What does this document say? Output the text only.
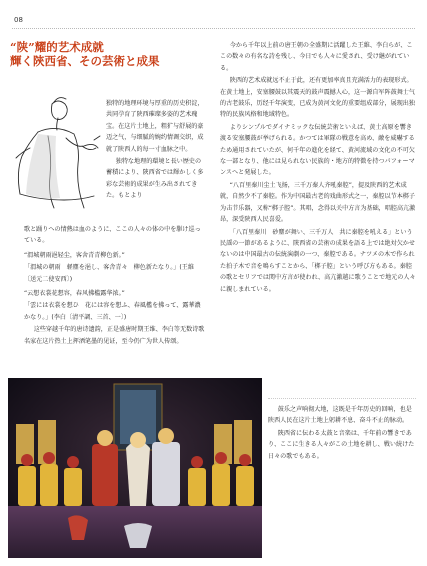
08
“陕”耀的艺术成就
輝く陝西省、その芸術と成果

独特的地理环境与厚重的历史积淀，共同孕育了陕西璀璨多姿的艺术瑰宝。在这片土地上，粗犷与舒展的豪迈之气，与细腻的婉约情调交织，成就了陕西人的每一寸血脉之中。

独特な地理的環境と長い歴史の蓄積により、陝西省では輝かしく多彩な芸術的成果が生み出されてきた。もとより

歌と踊りへの情熱は血のように、ここの人々の体の中を駆け巡っている。

“渭城朝雨浥轻尘，客舍青青柳色新。”

「渭城の朝雨　軽塵を浥し、客舎青々　柳色新たなり。」(王維〔送元二使安西〕)

“云想衣裳花想容，春风拂槛露华浓。”

「雲には衣裳を想ひ　花には容を想ふ、春風檻を拂って、露華濃かなり。」(李白〔清平調、三首、一〕)

这些穿越千年的唐诗遗韵，正是盛唐时期王维、李白等无数诗歌名家在这片热土上挥洒笔墨的见证，至今仍广为世人传颂。

今から千年以上前の唐王朝の全盛期に活躍した王維、李白らが、ここの数々の有名な詩を残し、今日でも人々に愛され、受け継がれている。

陕西的艺术成就远不止于此，还有更加率真且充满活力的表现形式。在黄土地上，安塞腰鼓以其震天的鼓声震撼人心，这一源自军阵鼓舞士气的古老鼓乐，历经千年演变，已成为黄河文化的重要组成部分，展现出独特的民族风格和地域特色。

よりシンプルでダイナミックな伝統芸術といえば、黄土高原を響き渡る安塞腰鼓が挙げられる。かつては軍隊の戦意を高め、敵を威嚇するため通用されていたが、何千年の進化を経て、黄河流域の文化の不可欠な一部となり、他には見られない民族的・地方的特徴を持つパフォーマンスへと発展した。

“八百里秦川尘土飞扬，三千万秦人齐吼秦腔”，提及陕西的艺术成就，自然少不了秦腔。作为中国最古老的戏曲形式之一，秦腔以节本梆子为击节乐器，又称“梆子腔”。其唱，念得以关中方言为基础，唱腔高亢激昂，深受陕西人民喜爱。

「八百里秦川　砂塵が舞い、三千万人　共に秦腔を吼える」という民謡の一節があるように、陝西省の芸術の成果を語る上では絶対欠かせないのは中国最古の伝統演劇の一つ、秦腔である。ナツメの木で作られた拍子木で音を鳴らすことから、「梆子腔」という呼び方もある。秦腔の歌とセリフでは関中方言が使われ、高亢激越に歌うことで地元の人々に親しまれている。

鼓乐之声响彻大地，这既是千年历史的回响，也是陕西人民在这片土地上躬耕不息、奋斗不止的脉动。

陝西省に伝わる太鼓と音楽は、千年前の響きであり、ここに生きる人々がこの土地を耕し、戦い続けた日々の歌でもある。
